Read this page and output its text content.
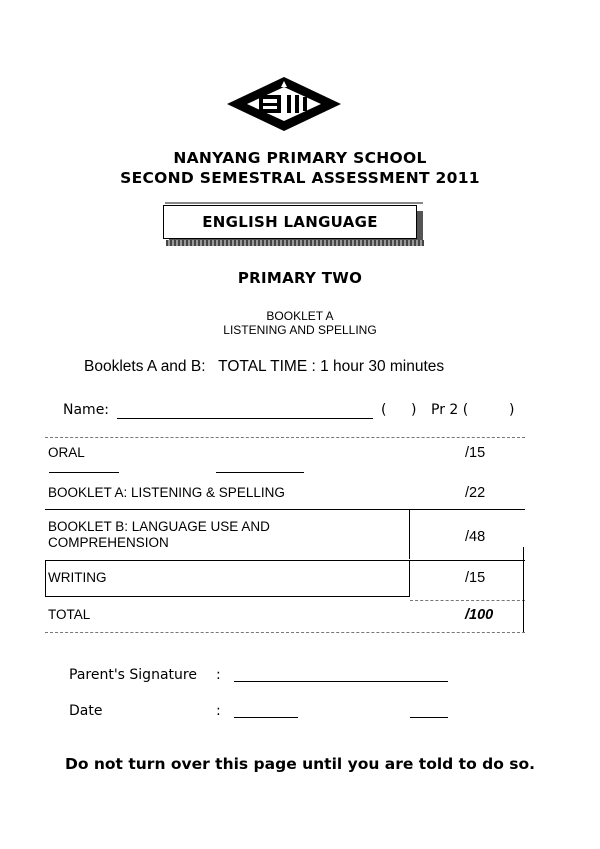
NANYANG PRIMARY SCHOOL
SECOND SEMESTRAL ASSESSMENT 2011
ENGLISH LANGUAGE
PRIMARY TWO
BOOKLET A
LISTENING AND SPELLING
Booklets A and B: TOTAL TIME : 1 hour 30 minutes
Name:	( ) Pr 2 (	)
ORAL	/15
BOOKLET A: LISTENING & SPELLING	/22
BOOKLET B: LANGUAGE USE AND
COMPREHENSION	/48
WRITING	/15
TOTAL	/100
Parent's Signature :
Date	:
Do not turn over this page until you are told to do so.
